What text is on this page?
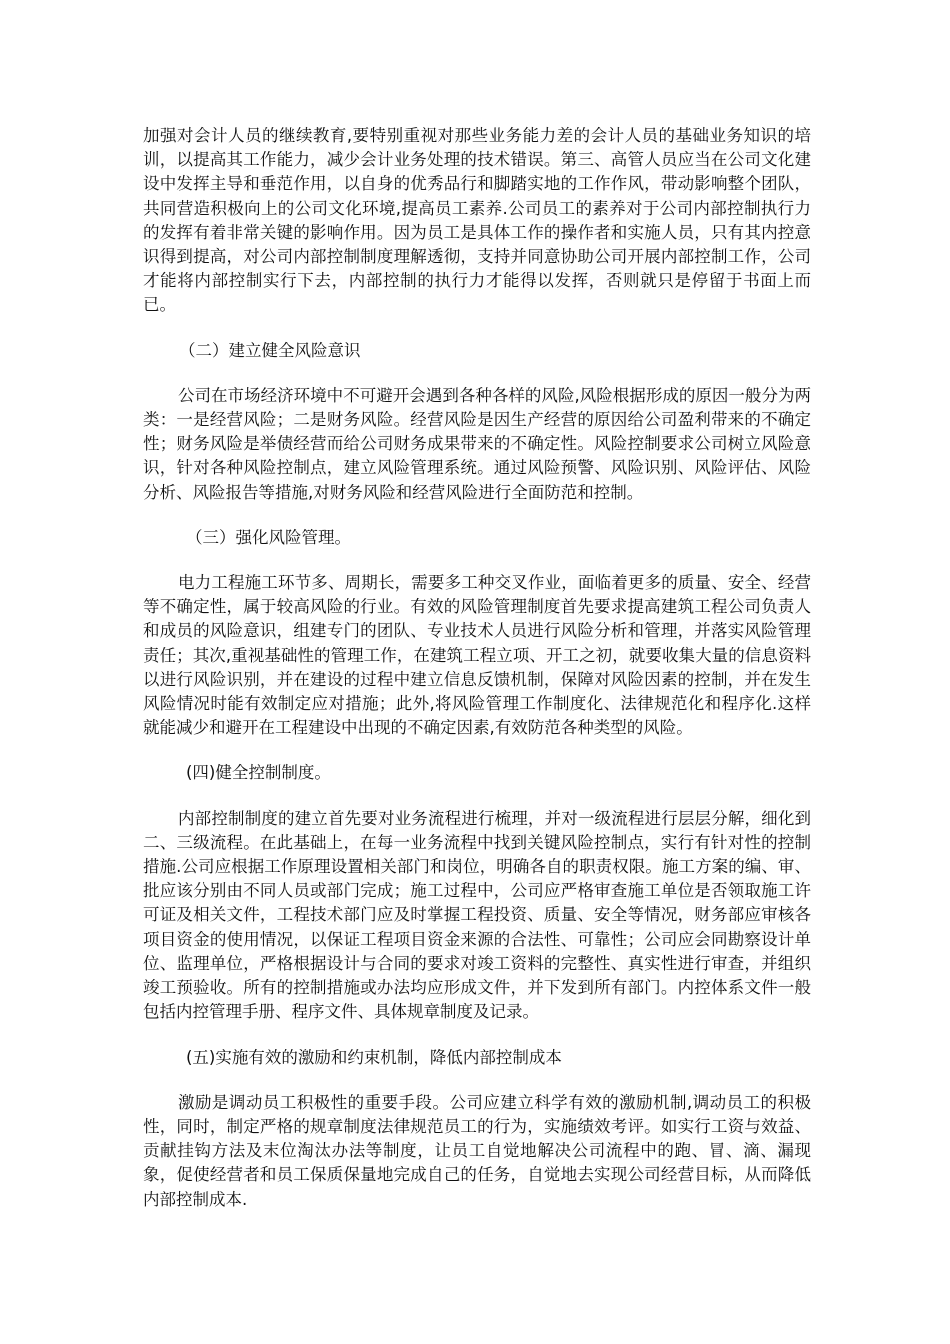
加强对会计人员的继续教育,要特别重视对那些业务能力差的会计人员的基础业务知识的培训，以提高其工作能力，减少会计业务处理的技术错误。第三、高管人员应当在公司文化建设中发挥主导和垂范作用，以自身的优秀品行和脚踏实地的工作作风，带动影响整个团队，共同营造积极向上的公司文化环境,提高员工素养.公司员工的素养对于公司内部控制执行力的发挥有着非常关键的影响作用。因为员工是具体工作的操作者和实施人员，只有其内控意识得到提高，对公司内部控制制度理解透彻，支持并同意协助公司开展内部控制工作，公司才能将内部控制实行下去，内部控制的执行力才能得以发挥，否则就只是停留于书面上而已。

（二）建立健全风险意识

公司在市场经济环境中不可避开会遇到各种各样的风险,风险根据形成的原因一般分为两类：一是经营风险；二是财务风险。经营风险是因生产经营的原因给公司盈利带来的不确定性；财务风险是举债经营而给公司财务成果带来的不确定性。风险控制要求公司树立风险意识，针对各种风险控制点，建立风险管理系统。通过风险预警、风险识别、风险评估、风险分析、风险报告等措施,对财务风险和经营风险进行全面防范和控制。

（三）强化风险管理。

电力工程施工环节多、周期长，需要多工种交叉作业，面临着更多的质量、安全、经营等不确定性，属于较高风险的行业。有效的风险管理制度首先要求提高建筑工程公司负责人和成员的风险意识，组建专门的团队、专业技术人员进行风险分析和管理，并落实风险管理责任；其次,重视基础性的管理工作，在建筑工程立项、开工之初，就要收集大量的信息资料以进行风险识别，并在建设的过程中建立信息反馈机制，保障对风险因素的控制，并在发生风险情况时能有效制定应对措施；此外,将风险管理工作制度化、法律规范化和程序化.这样就能减少和避开在工程建设中出现的不确定因素,有效防范各种类型的风险。

(四)健全控制制度。

内部控制制度的建立首先要对业务流程进行梳理，并对一级流程进行层层分解，细化到二、三级流程。在此基础上，在每一业务流程中找到关键风险控制点，实行有针对性的控制措施.公司应根据工作原理设置相关部门和岗位，明确各自的职责权限。施工方案的编、审、批应该分别由不同人员或部门完成；施工过程中，公司应严格审查施工单位是否领取施工许可证及相关文件，工程技术部门应及时掌握工程投资、质量、安全等情况，财务部应审核各项目资金的使用情况，以保证工程项目资金来源的合法性、可靠性；公司应会同勘察设计单位、监理单位，严格根据设计与合同的要求对竣工资料的完整性、真实性进行审查，并组织竣工预验收。所有的控制措施或办法均应形成文件，并下发到所有部门。内控体系文件一般包括内控管理手册、程序文件、具体规章制度及记录。

(五)实施有效的激励和约束机制，降低内部控制成本

激励是调动员工积极性的重要手段。公司应建立科学有效的激励机制,调动员工的积极性，同时，制定严格的规章制度法律规范员工的行为，实施绩效考评。如实行工资与效益、贡献挂钩方法及末位淘汰办法等制度，让员工自觉地解决公司流程中的跑、冒、滴、漏现象，促使经营者和员工保质保量地完成自己的任务，自觉地去实现公司经营目标，从而降低内部控制成本.
